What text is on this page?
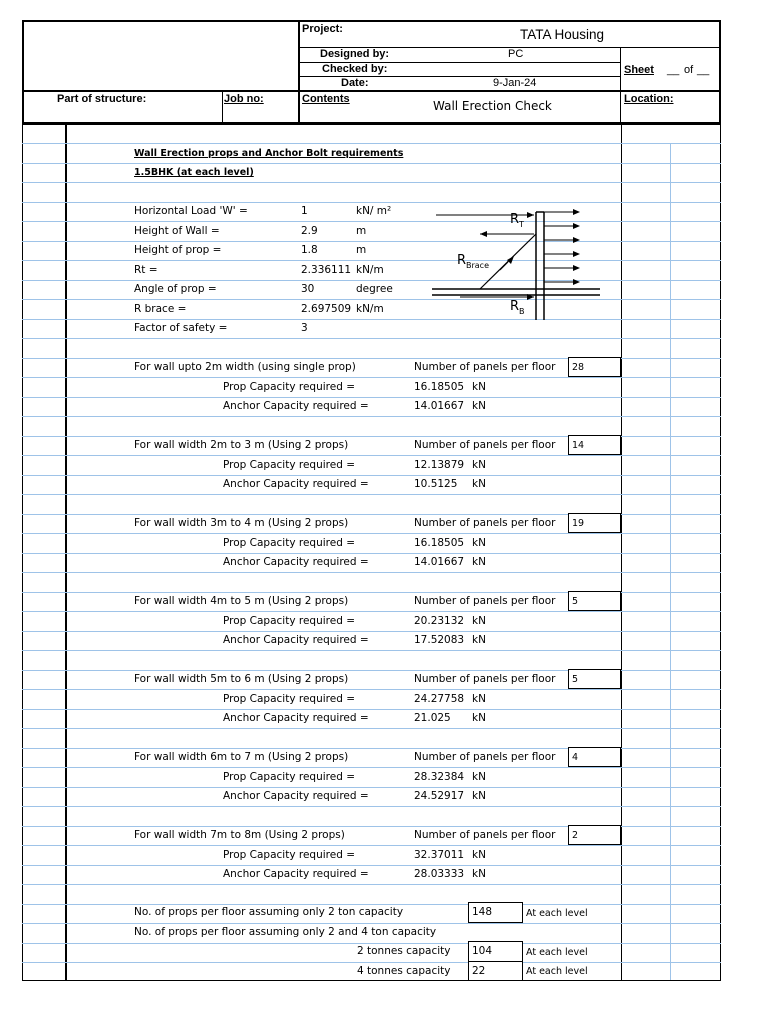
Project:	TATA Housing
Designed by:	PC
Checked by:
Date:	9-Jan-24
Sheet __ of __
Part of structure:	Job no:	Contents	Wall Erection Check	Location:
Wall Erection props and Anchor Bolt requirements
1.5BHK (at each level)
Horizontal Load 'W' =	1	kN/ m²
Height of Wall =	2.9	m
Height of prop =	1.8	m
Rt =	2.336111 kN/m
Angle of prop =	30	degree
R brace =	2.697509 kN/m
Factor of safety =	3
R T
R Brace
R B
For wall upto 2m width (using single prop)	Number of panels per floor 28
Prop Capacity required =	16.18505 kN
Anchor Capacity required =	14.01667 kN
For wall width 2m to 3 m (Using 2 props)	Number of panels per floor 14
Prop Capacity required =	12.13879 kN
Anchor Capacity required =	10.5125 kN
For wall width 3m to 4 m (Using 2 props)	Number of panels per floor 19
Prop Capacity required =	16.18505 kN
Anchor Capacity required =	14.01667 kN
For wall width 4m to 5 m (Using 2 props)	Number of panels per floor 5
Prop Capacity required =	20.23132 kN
Anchor Capacity required =	17.52083 kN
For wall width 5m to 6 m (Using 2 props)	Number of panels per floor 5
Prop Capacity required =	24.27758 kN
Anchor Capacity required =	21.025 kN
For wall width 6m to 7 m (Using 2 props)	Number of panels per floor 4
Prop Capacity required =	28.32384 kN
Anchor Capacity required =	24.52917 kN
For wall width 7m to 8m (Using 2 props)	Number of panels per floor 2
Prop Capacity required =	32.37011 kN
Anchor Capacity required =	28.03333 kN
No. of props per floor assuming only 2 ton capacity	148	At each level
No. of props per floor assuming only 2 and 4 ton capacity
2 tonnes capacity 104	At each level
4 tonnes capacity 22	At each level
